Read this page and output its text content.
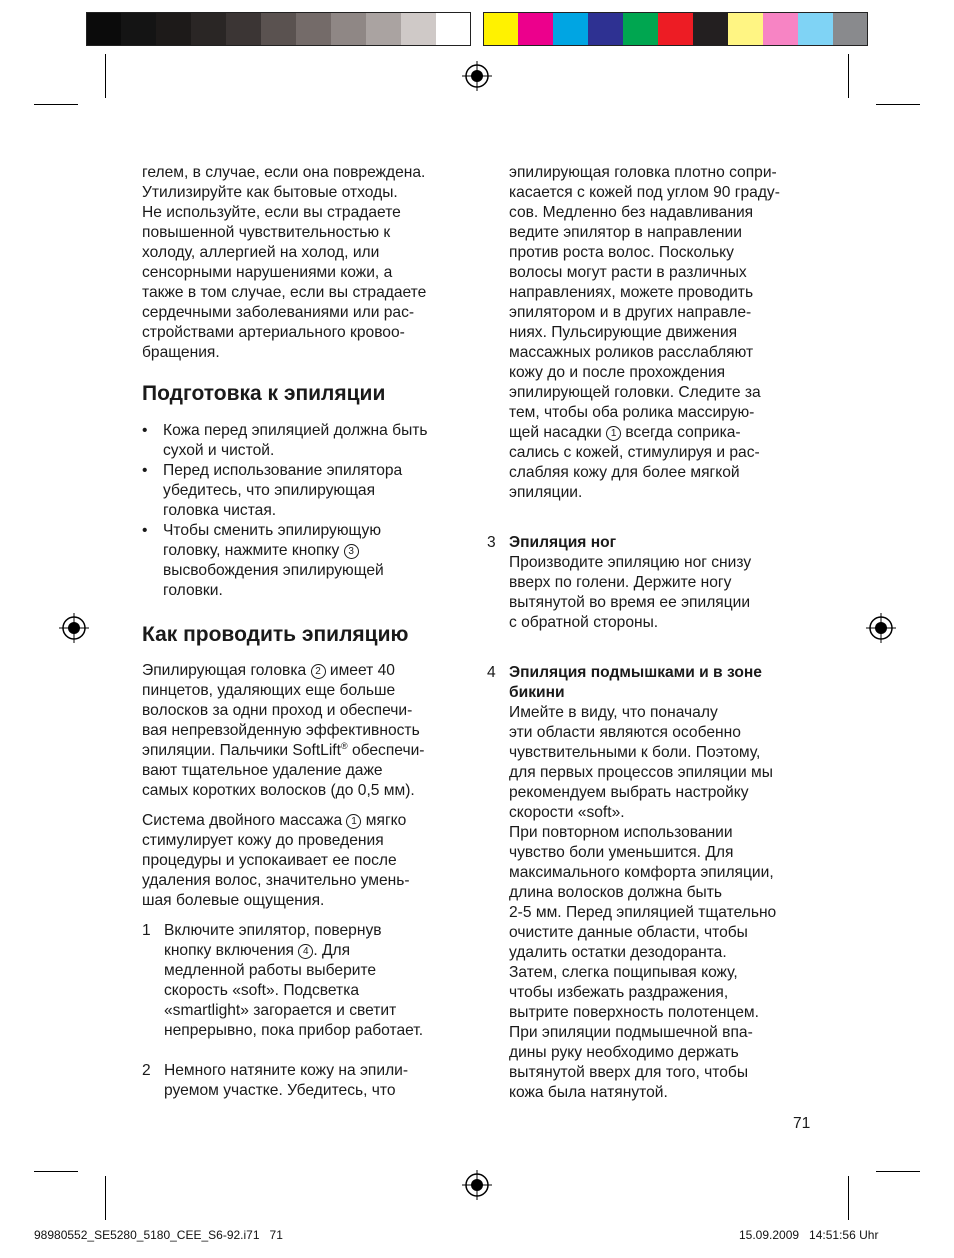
гелем, в случае, если она повреждена.
Утилизируйте как бытовые отходы.
Не используйте, если вы страдаете
повышенной чувствительностью к
холоду, аллергией на холод, или
сенсорными нарушениями кожи, а
также в том случае, если вы страдаете
сердечными заболеваниями или рас-
стройствами артериального кровоо-
бращения.

Подготовка к эпиляции
• Кожа перед эпиляцией должна быть
сухой и чистой.
• Перед использование эпилятора
убедитесь, что эпилирующая
головка чистая.
• Чтобы сменить эпилирующую
головку, нажмите кнопку 3
высвобождения эпилирующей
головки.
Как проводить эпиляцию

Эпилирующая головка 2 имеет 40
пинцетов, удаляющих еще больше
волосков за одни проход и обеспечи-
вая непревзойденную эффективность
эпиляции. Пальчики SoftLift® обеспечи-
вают тщательное удаление даже
самых коротких волосков (до 0,5 мм).

Система двойного массажа 1 мягко
стимулирует кожу до проведения
процедуры и успокаивает ее после
удаления волос, значительно умень-
шая болевые ощущения.

1 Включите эпилятор, повернув
кнопку включения 4 . Для
медленной работы выберите
скорость «soft». Подсветка
«smartlight» загорается и светит
непрерывно, пока прибор работает.
2 Немного натяните кожу на эпили-
руемом участке. Убедитесь, что

эпилирующая головка плотно сопри-
касается с кожей под углом 90 граду-
сов. Медленно без надавливания
ведите эпилятор в направлении
против роста волос. Поскольку
волосы могут расти в различных
направлениях, можете проводить
эпилятором и в других направле-
ниях. Пульсирующие движения
массажных роликов расслабляют
кожу до и после прохождения
эпилирующей головки. Следите за
тем, чтобы оба ролика массирую-
щей насадки 1 всегда соприка-
сались с кожей, стимулируя и рас-
слабляя кожу для более мягкой
эпиляции.

3 Эпиляция ног
Производите эпиляцию ног снизу
вверх по голени. Держите ногу
вытянутой во время ее эпиляции
с обратной стороны.
4 Эпиляция подмышками и в зоне
бикини
Имейте в виду, что поначалу
эти области являются особенно
чувствительными к боли. Поэтому,
для первых процессов эпиляции мы
рекомендуем выбрать настройку
скорости «soft».
При повторном использовании
чувство боли уменьшится. Для
максимального комфорта эпиляции,
длина волосков должна быть
2-5 мм. Перед эпиляцией тщательно
очистите данные области, чтобы
удалить остатки дезодоранта.
Затем, слегка пощипывая кожу,
чтобы избежать раздражения,
вытрите поверхность полотенцем.
При эпиляции подмышечной впа-
дины руку необходимо держать
вытянутой вверх для того, чтобы
кожа была натянутой.
71
98980552_SE5280_5180_CEE_S6-92.i71   71	15.09.2009   14:51:56 Uhr
